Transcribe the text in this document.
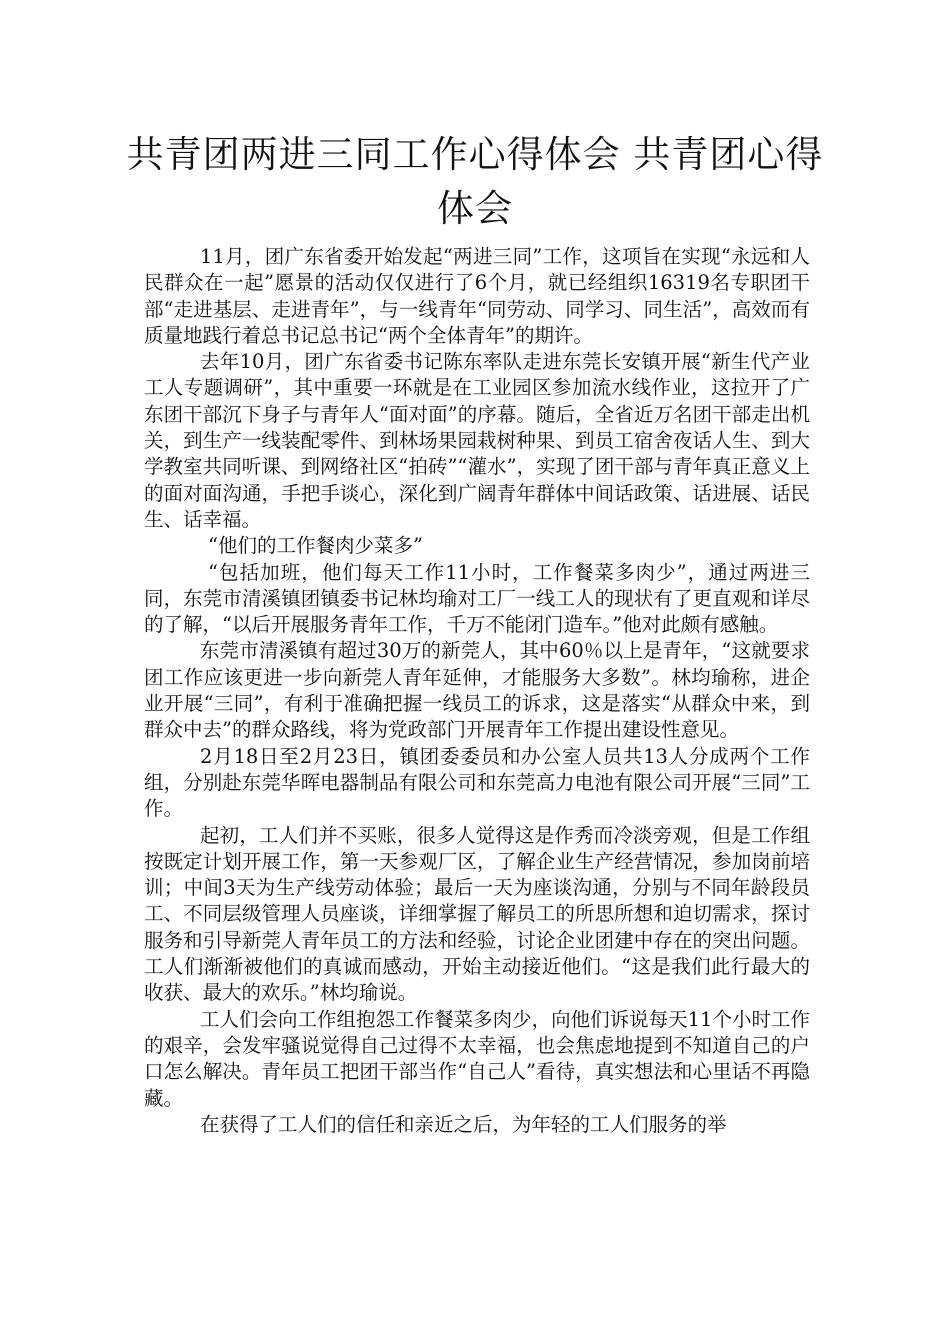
共青团两进三同工作心得体会 共青团心得体会

11月，团广东省委开始发起“两进三同”工作，这项旨在实现“永远和人民群众在一起”愿景的活动仅仅进行了6个月，就已经组织16319名专职团干部“走进基层、走进青年”，与一线青年“同劳动、同学习、同生活”，高效而有质量地践行着总书记总书记“两个全体青年”的期许。

去年10月，团广东省委书记陈东率队走进东莞长安镇开展“新生代产业工人专题调研”，其中重要一环就是在工业园区参加流水线作业，这拉开了广东团干部沉下身子与青年人“面对面”的序幕。随后，全省近万名团干部走出机关，到生产一线装配零件、到林场果园栽树种果、到员工宿舍夜话人生、到大学教室共同听课、到网络社区“拍砖”“灌水”，实现了团干部与青年真正意义上的面对面沟通，手把手谈心，深化到广阔青年群体中间话政策、话进展、话民生、话幸福。

“他们的工作餐肉少菜多”

“包括加班，他们每天工作11小时，工作餐菜多肉少”，通过两进三同，东莞市清溪镇团镇委书记林均瑜对工厂一线工人的现状有了更直观和详尽的了解，“以后开展服务青年工作，千万不能闭门造车。”他对此颇有感触。

东莞市清溪镇有超过30万的新莞人，其中60％以上是青年，“这就要求团工作应该更进一步向新莞人青年延伸，才能服务大多数”。林均瑜称，进企业开展“三同”，有利于准确把握一线员工的诉求，这是落实“从群众中来，到群众中去”的群众路线，将为党政部门开展青年工作提出建设性意见。

2月18日至2月23日，镇团委委员和办公室人员共13人分成两个工作组，分别赴东莞华晖电器制品有限公司和东莞高力电池有限公司开展“三同”工作。

起初，工人们并不买账，很多人觉得这是作秀而冷淡旁观，但是工作组按既定计划开展工作，第一天参观厂区，了解企业生产经营情况，参加岗前培训；中间3天为生产线劳动体验；最后一天为座谈沟通，分别与不同年龄段员工、不同层级管理人员座谈，详细掌握了解员工的所思所想和迫切需求，探讨服务和引导新莞人青年员工的方法和经验，讨论企业团建中存在的突出问题。工人们渐渐被他们的真诚而感动，开始主动接近他们。“这是我们此行最大的收获、最大的欢乐。”林均瑜说。

工人们会向工作组抱怨工作餐菜多肉少，向他们诉说每天11个小时工作的艰辛，会发牢骚说觉得自己过得不太幸福，也会焦虑地提到不知道自己的户口怎么解决。青年员工把团干部当作“自己人”看待，真实想法和心里话不再隐藏。

在获得了工人们的信任和亲近之后，为年轻的工人们服务的举
